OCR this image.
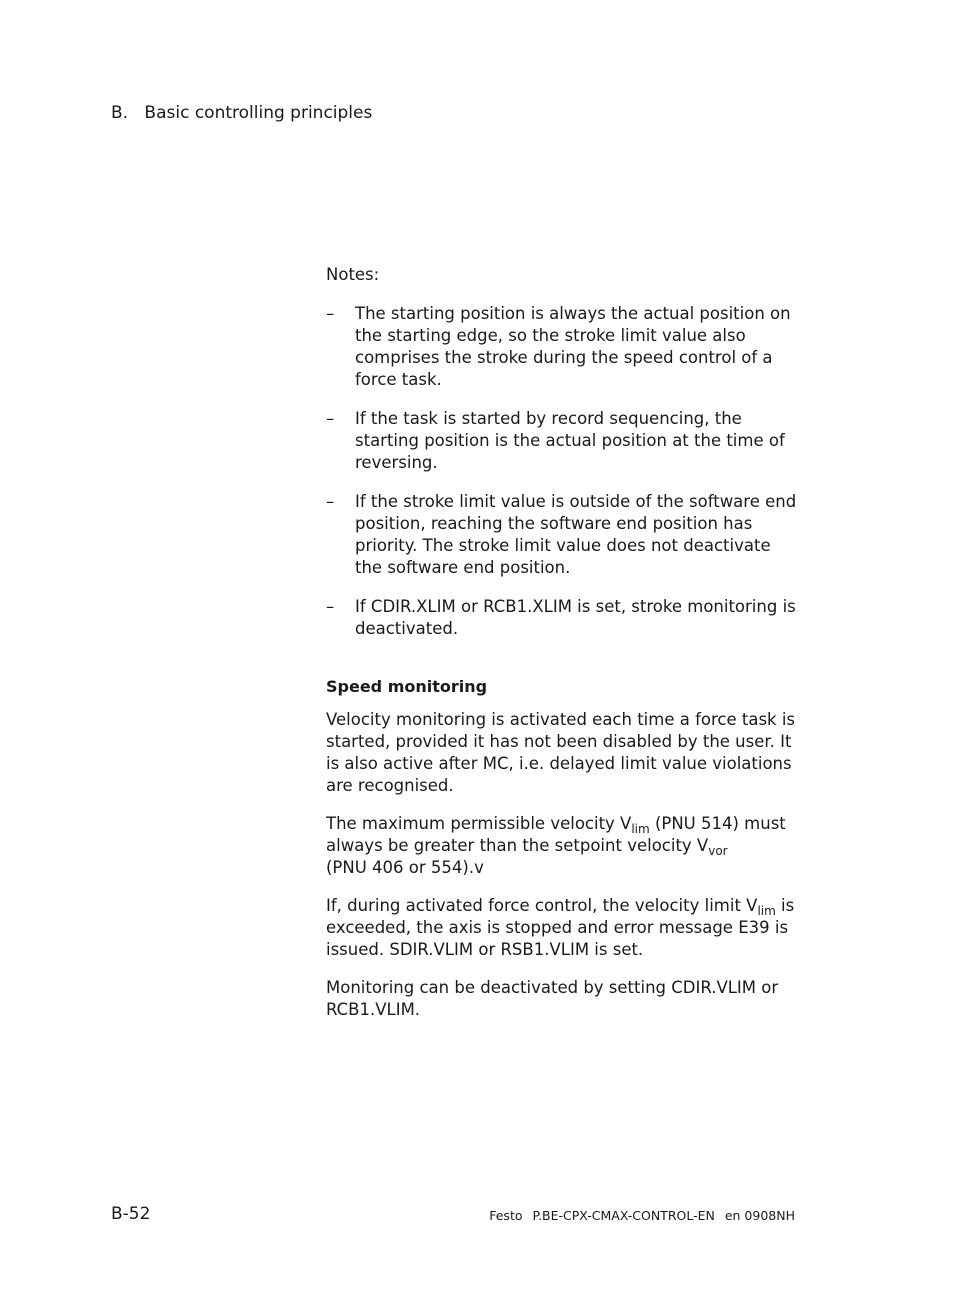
B. Basic controlling principles

Notes:

– The starting position is always the actual position on the starting edge, so the stroke limit value also comprises the stroke during the speed control of a force task.
– If the task is started by record sequencing, the starting position is the actual position at the time of reversing.
– If the stroke limit value is outside of the software end position, reaching the software end position has priority. The stroke limit value does not deactivate the software end position.
– If CDIR.XLIM or RCB1.XLIM is set, stroke monitoring is deactivated.

Speed monitoring

Velocity monitoring is activated each time a force task is started, provided it has not been disabled by the user. It is also active after MC, i.e. delayed limit value violations are recognised.

The maximum permissible velocity $V_{lim}$ (PNU 514) must always be greater than the setpoint velocity $V_{vor}$
(PNU 406 or 554).v

If, during activated force control, the velocity limit $V_{lim}$ is exceeded, the axis is stopped and error message E39 is issued. SDIR.VLIM or RSB1.VLIM is set.

Monitoring can be deactivated by setting CDIR.VLIM or RCB1.VLIM.

B-52	Festo P.BE-CPX-CMAX-CONTROL-EN en 0908NH
